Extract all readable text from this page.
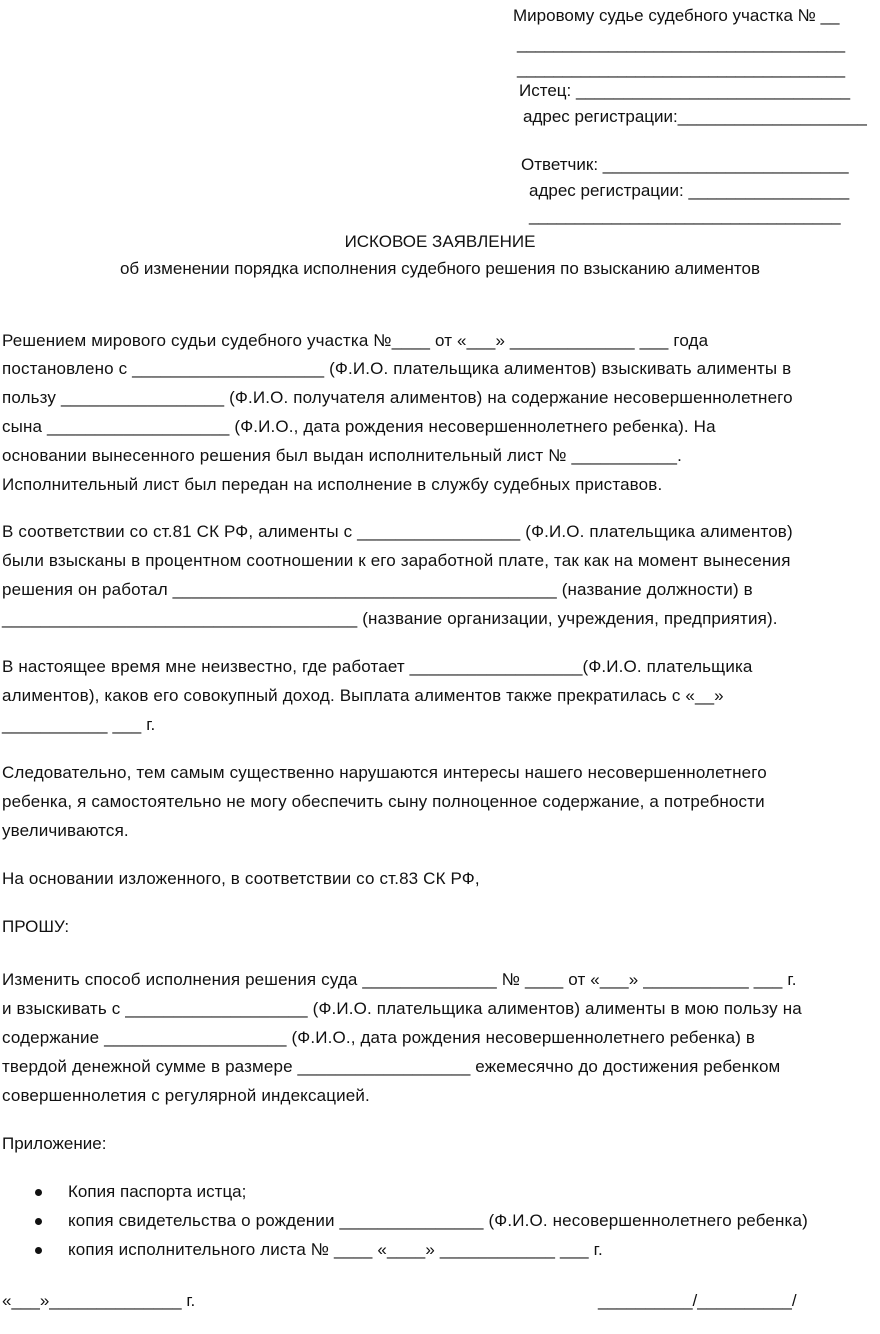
Мировому судье судебного участка № __
____________________________________
____________________________________
Истец: _____________________________
адрес регистрации:____________________
Ответчик: __________________________
адрес регистрации: _________________
__________________________________
ИСКОВОЕ ЗАЯВЛЕНИЕ
об изменении порядка исполнения судебного решения по взысканию алиментов
Решением мирового судьи судебного участка №____ от «___» _____________ ___ года
постановлено с ____________________ (Ф.И.О. плательщика алиментов) взыскивать алименты в
пользу _________________ (Ф.И.О. получателя алиментов) на содержание несовершеннолетнего
сына ___________________ (Ф.И.О., дата рождения несовершеннолетнего ребенка). На
основании вынесенного решения был выдан исполнительный лист № ___________.
Исполнительный лист был передан на исполнение в службу судебных приставов.
В соответствии со ст.81 СК РФ, алименты с _________________ (Ф.И.О. плательщика алиментов)
были взысканы в процентном соотношении к его заработной плате, так как на момент вынесения
решения он работал ________________________________________ (название должности) в
_____________________________________ (название организации, учреждения, предприятия).
В настоящее время мне неизвестно, где работает __________________(Ф.И.О. плательщика
алиментов), каков его совокупный доход. Выплата алиментов также прекратилась с «__»
___________ ___ г.
Следовательно, тем самым существенно нарушаются интересы нашего несовершеннолетнего
ребенка, я самостоятельно не могу обеспечить сыну полноценное содержание, а потребности
увеличиваются.
На основании изложенного, в соответствии со ст.83 СК РФ,
ПРОШУ:
Изменить способ исполнения решения суда ______________ № ____ от «___» ___________ ___ г.
и взыскивать с ___________________ (Ф.И.О. плательщика алиментов) алименты в мою пользу на
содержание ___________________ (Ф.И.О., дата рождения несовершеннолетнего ребенка) в
твердой денежной сумме в размере __________________ ежемесячно до достижения ребенком
совершеннолетия с регулярной индексацией.
Приложение:
Копия паспорта истца;
копия свидетельства о рождении _______________ (Ф.И.О. несовершеннолетнего ребенка)
копия исполнительного листа № ____ «____» ____________ ___ г.
«___»______________ г.	__________/__________/
